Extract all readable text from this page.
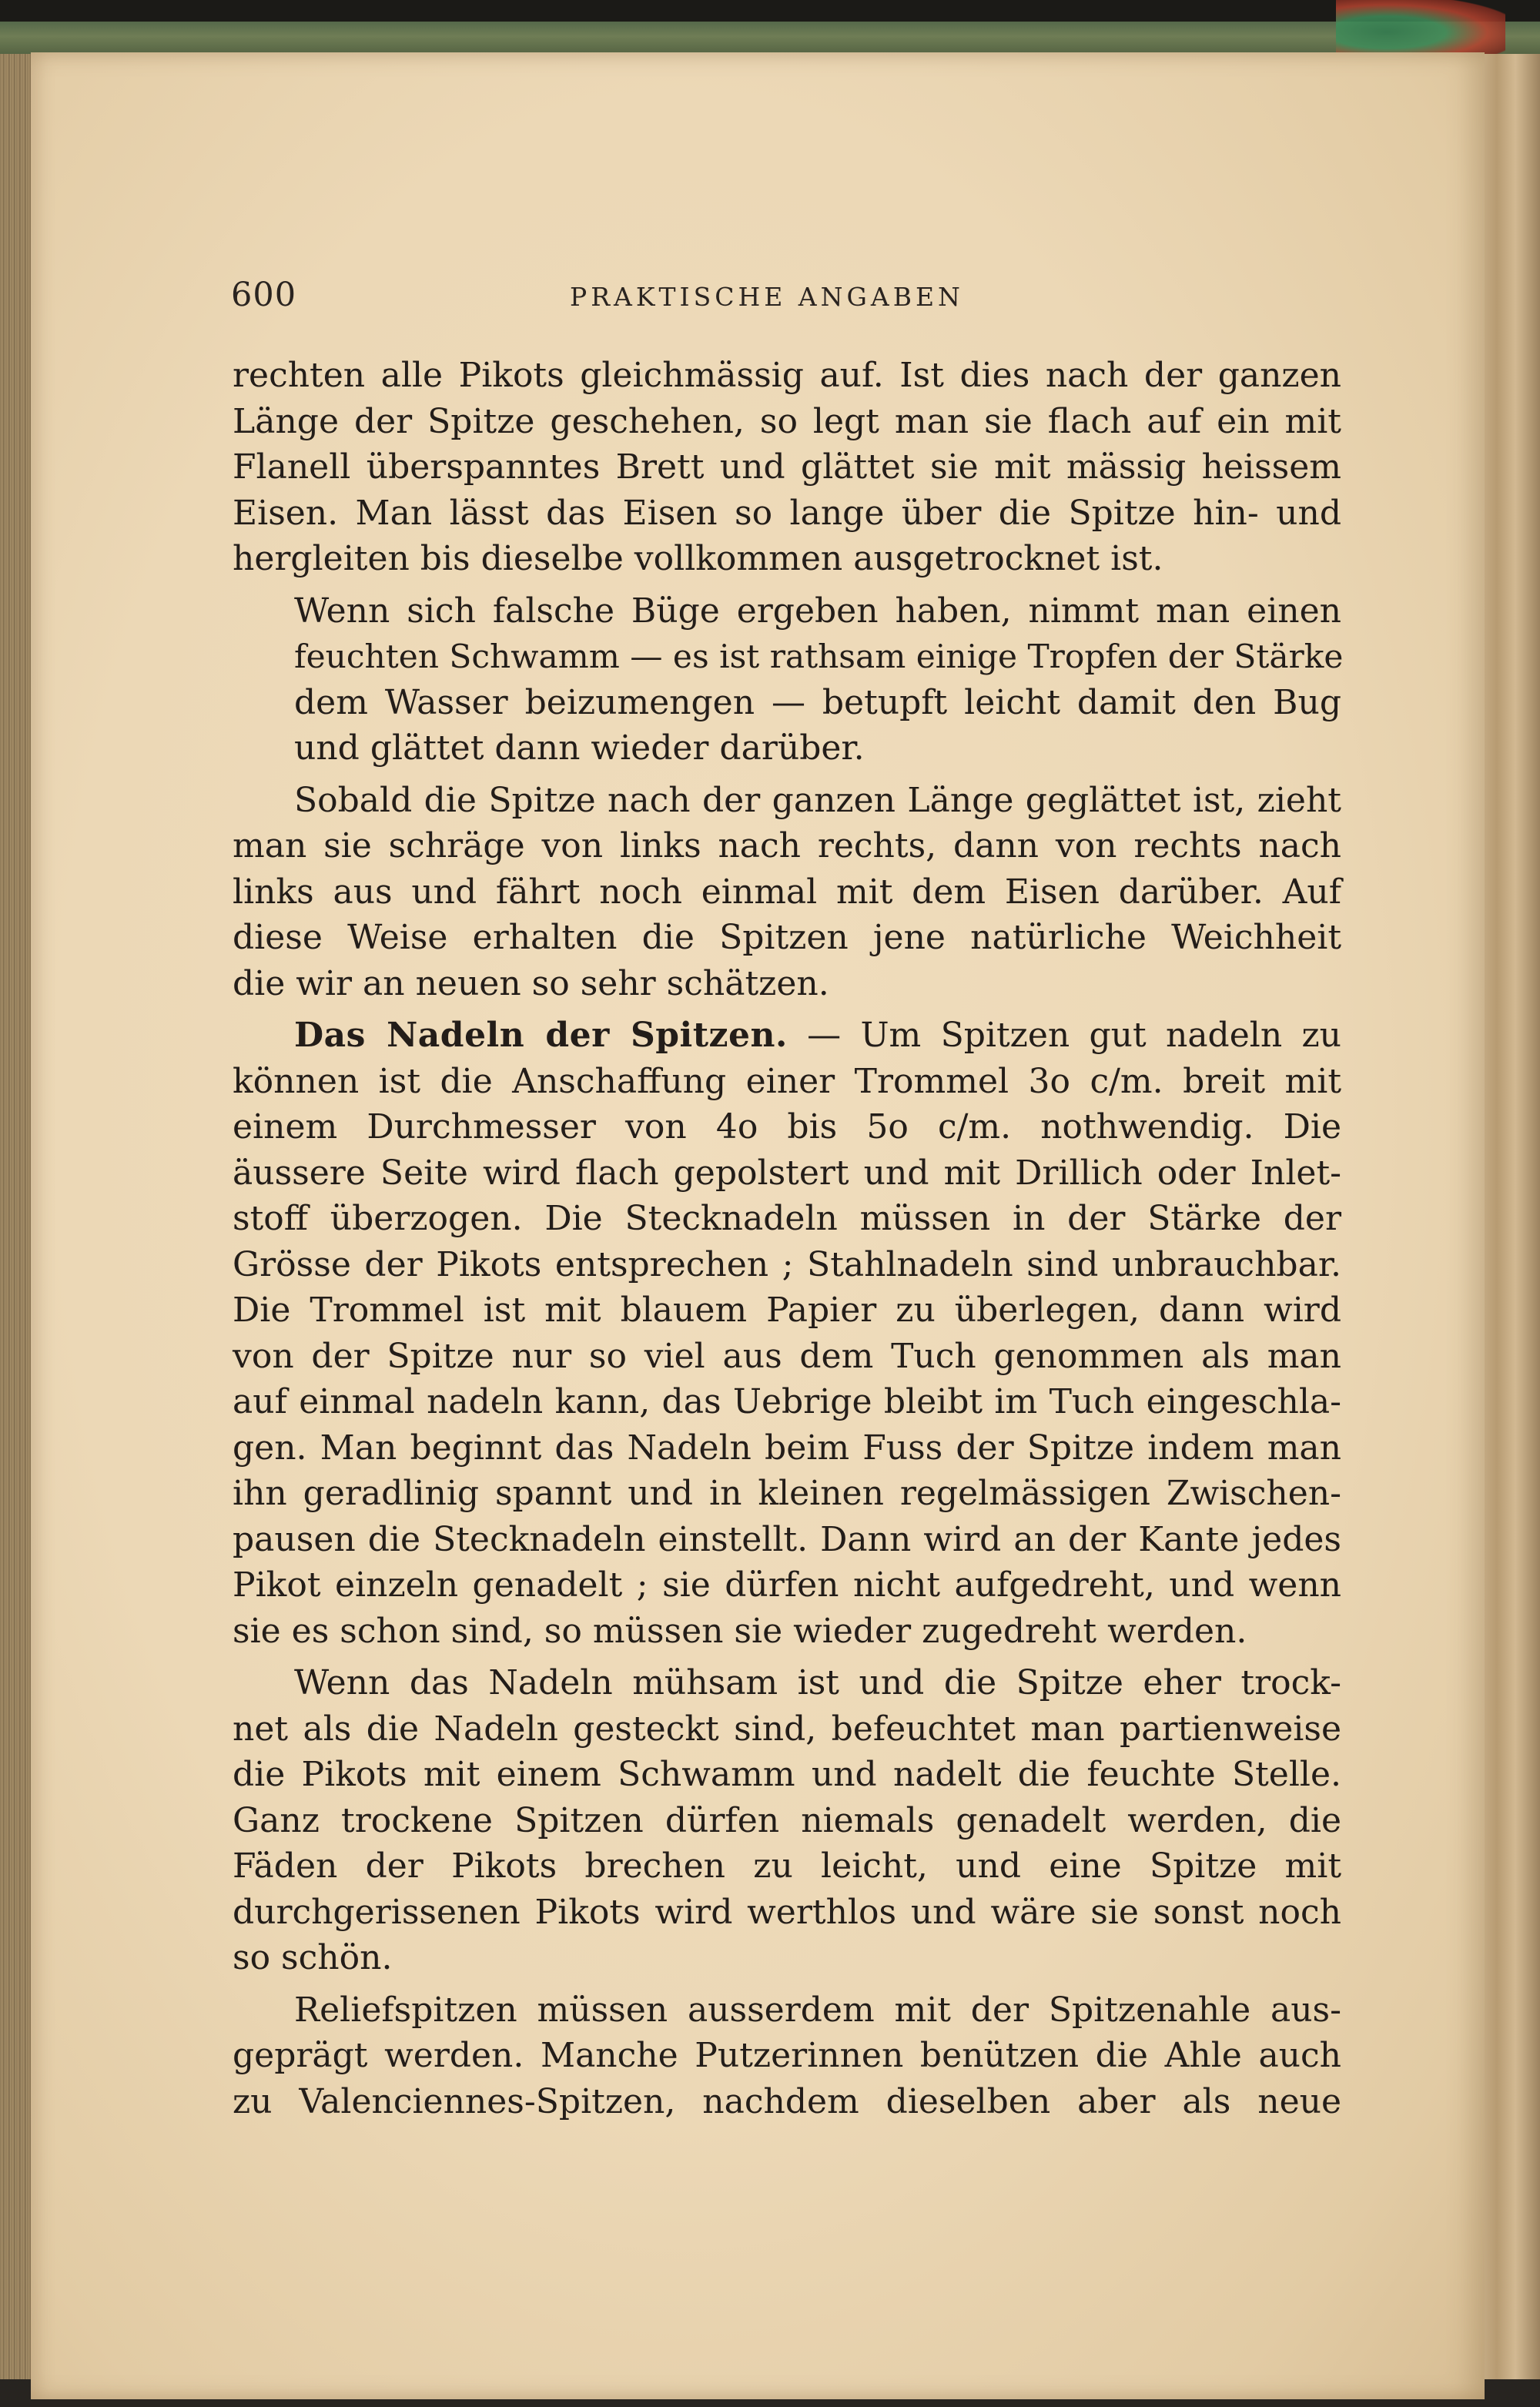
600	PRAKTISCHE ANGABEN

rechten alle Pikots gleichmässig auf. Ist dies nach der ganzen
Länge der Spitze geschehen, so legt man sie flach auf ein mit
Flanell überspanntes Brett und glättet sie mit mässig heissem
Eisen. Man lässt das Eisen so lange über die Spitze hin- und
hergleiten bis dieselbe vollkommen ausgetrocknet ist.

Wenn sich falsche Büge ergeben haben, nimmt man einen
feuchten Schwamm — es ist rathsam einige Tropfen der Stärke
dem Wasser beizumengen — betupft leicht damit den Bug
und glättet dann wieder darüber.

Sobald die Spitze nach der ganzen Länge geglättet ist, zieht
man sie schräge von links nach rechts, dann von rechts nach
links aus und fährt noch einmal mit dem Eisen darüber. Auf
diese Weise erhalten die Spitzen jene natürliche Weichheit
die wir an neuen so sehr schätzen.

Das Nadeln der Spitzen. — Um Spitzen gut nadeln zu
können ist die Anschaffung einer Trommel 3o c/m. breit mit
einem Durchmesser von 4o bis 5o c/m. nothwendig. Die
äussere Seite wird flach gepolstert und mit Drillich oder Inlet-
stoff überzogen. Die Stecknadeln müssen in der Stärke der
Grösse der Pikots entsprechen ; Stahlnadeln sind unbrauchbar.
Die Trommel ist mit blauem Papier zu überlegen, dann wird
von der Spitze nur so viel aus dem Tuch genommen als man
auf einmal nadeln kann, das Uebrige bleibt im Tuch eingeschla-
gen. Man beginnt das Nadeln beim Fuss der Spitze indem man
ihn geradlinig spannt und in kleinen regelmässigen Zwischen-
pausen die Stecknadeln einstellt. Dann wird an der Kante jedes
Pikot einzeln genadelt ; sie dürfen nicht aufgedreht, und wenn
sie es schon sind, so müssen sie wieder zugedreht werden.

Wenn das Nadeln mühsam ist und die Spitze eher trock-
net als die Nadeln gesteckt sind, befeuchtet man partienweise
die Pikots mit einem Schwamm und nadelt die feuchte Stelle.
Ganz trockene Spitzen dürfen niemals genadelt werden, die
Fäden der Pikots brechen zu leicht, und eine Spitze mit
durchgerissenen Pikots wird werthlos und wäre sie sonst noch
so schön.

Reliefspitzen müssen ausserdem mit der Spitzenahle aus-
geprägt werden. Manche Putzerinnen benützen die Ahle auch
zu Valenciennes-Spitzen, nachdem dieselben aber als neue
